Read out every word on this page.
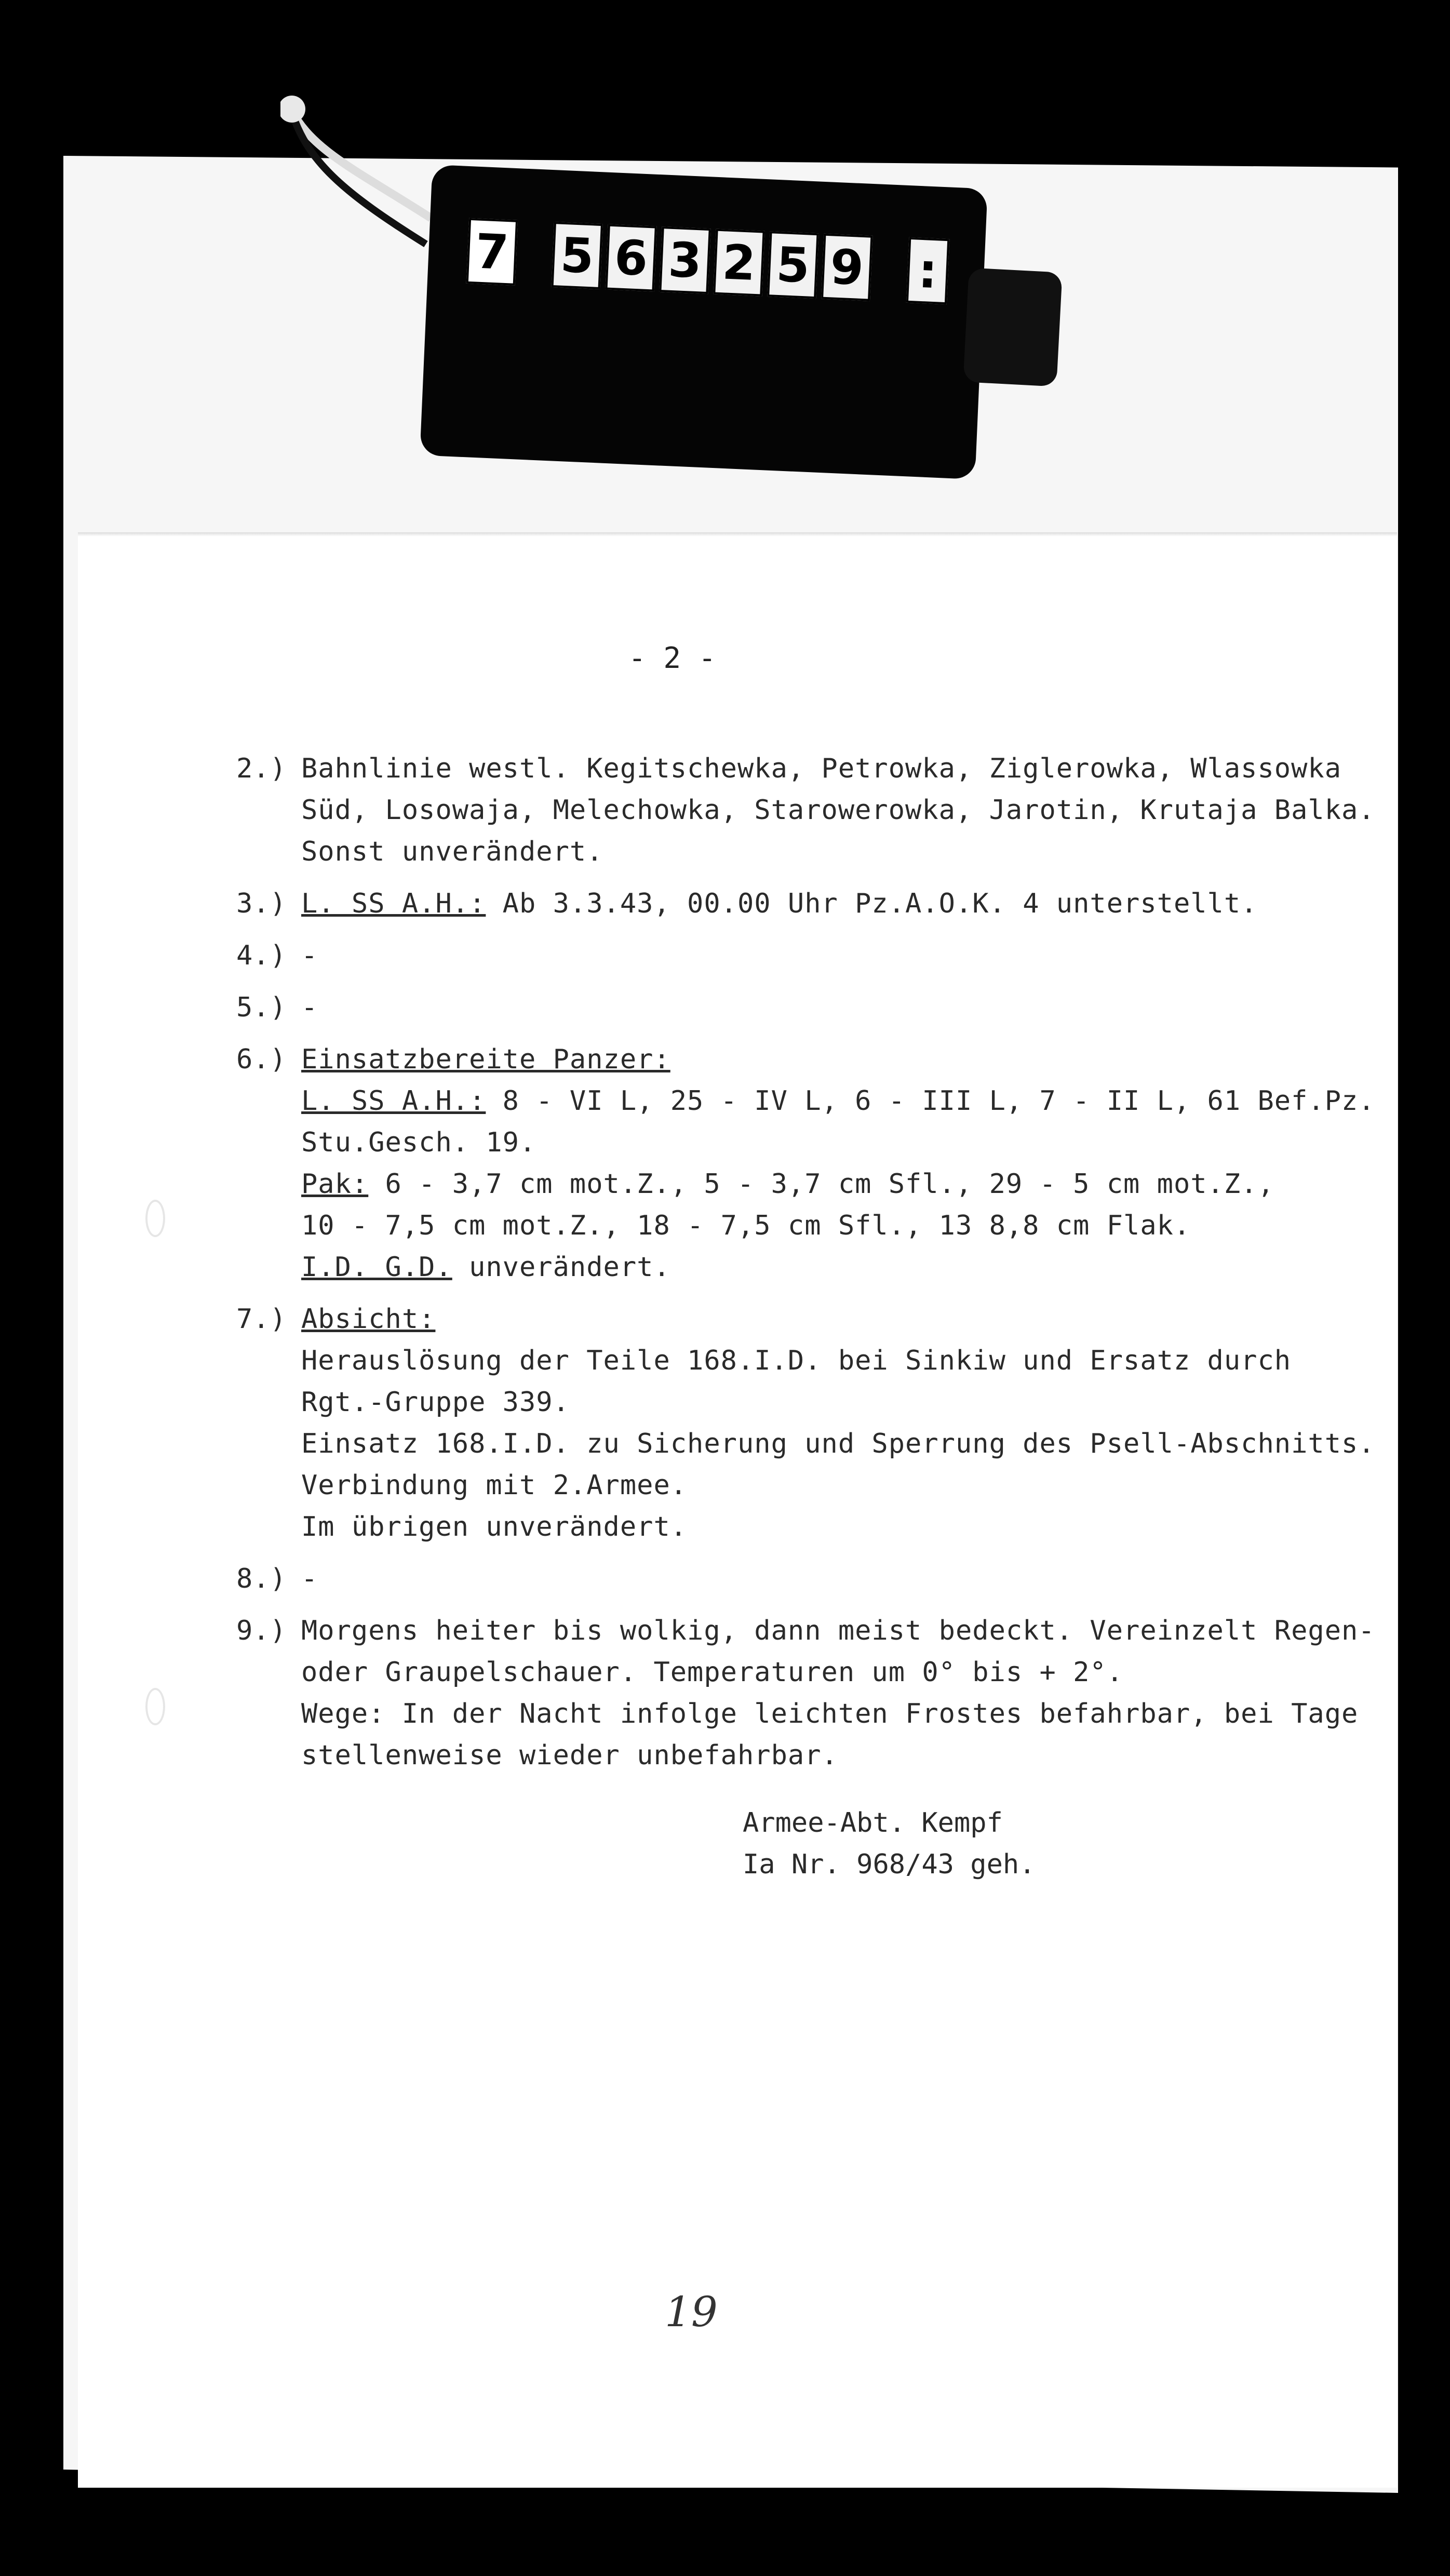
7 5 6 3 2 5 9 :
- 2 -
2.) Bahnlinie westl. Kegitschewka, Petrowka, Ziglerowka, Wlassowka
Süd, Losowaja, Melechowka, Starowerowka, Jarotin, Krutaja Balka.
Sonst unverändert.
3.) L. SS A.H.: Ab 3.3.43, 00.00 Uhr Pz.A.O.K. 4 unterstellt.
4.) -
5.) -
6.) Einsatzbereite Panzer:
L. SS A.H.: 8 - VI L, 25 - IV L, 6 - III L, 7 - II L, 61 Bef.Pz.
Stu.Gesch. 19.
Pak: 6 - 3,7 cm mot.Z., 5 - 3,7 cm Sfl., 29 - 5 cm mot.Z.,
10 - 7,5 cm mot.Z., 18 - 7,5 cm Sfl., 13 8,8 cm Flak.
I.D. G.D. unverändert.
7.) Absicht:
Herauslösung der Teile 168.I.D. bei Sinkiw und Ersatz durch
Rgt.-Gruppe 339.
Einsatz 168.I.D. zu Sicherung und Sperrung des Psell-Abschnitts.
Verbindung mit 2.Armee.
Im übrigen unverändert.
8.) -
9.) Morgens heiter bis wolkig, dann meist bedeckt. Vereinzelt Regen-
oder Graupelschauer. Temperaturen um 0° bis + 2°.
Wege: In der Nacht infolge leichten Frostes befahrbar, bei Tage
stellenweise wieder unbefahrbar.
Armee-Abt. Kempf
Ia Nr. 968/43 geh.
19
